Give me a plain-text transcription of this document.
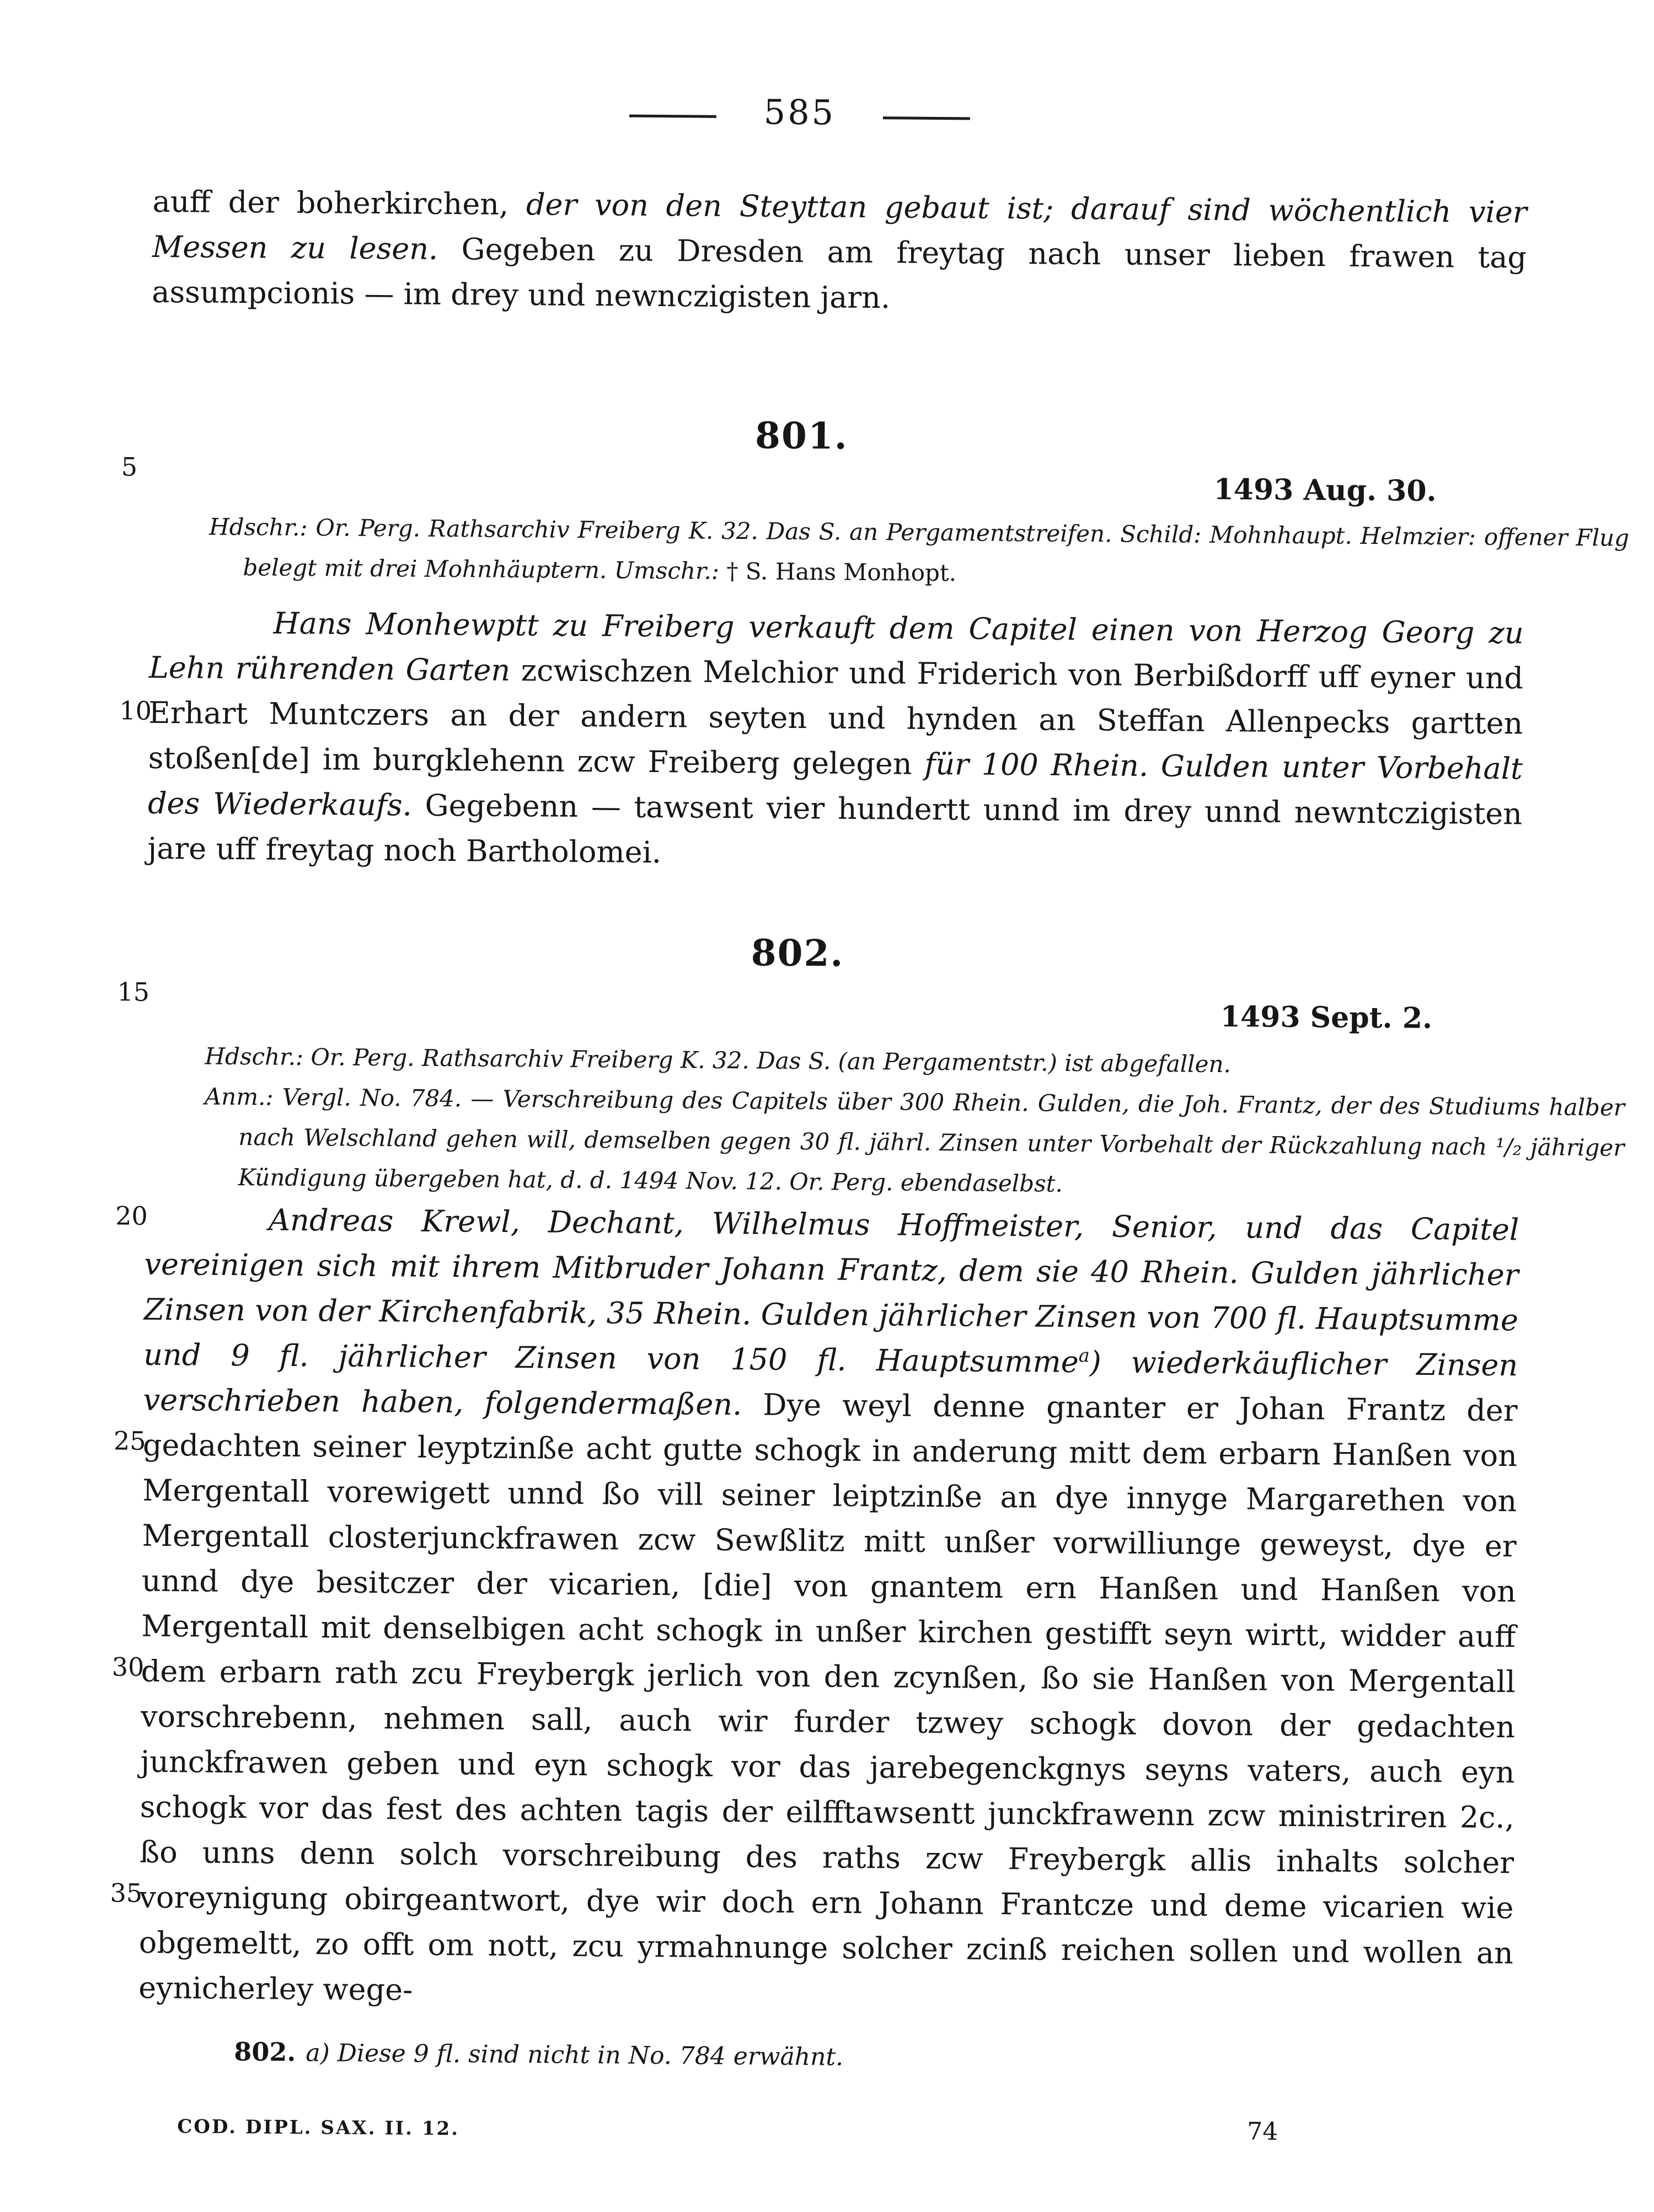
585
auff der boherkirchen, der von den Steyttan gebaut ist; darauf sind wöchentlich vier Messen zu lesen. Gegeben zu Dresden am freytag nach unser lieben frawen tag assumpcionis — im drey und newnczigisten jarn.
801.
5
1493 Aug. 30.

Hdschr.: Or. Perg. Rathsarchiv Freiberg K. 32. Das S. an Pergamentstreifen. Schild: Mohnhaupt. Helmzier: offener Flug belegt mit drei Mohnhäuptern. Umschr.: † S. Hans Monhopt.

Hans Monhewptt zu Freiberg verkauft dem Capitel einen von Herzog Georg zu Lehn rührenden Garten zcwischzen Melchior und Friderich von Berbißdorff uff eyner und Erhart Muntczers an der andern seyten und hynden an Steffan Allenpecks gartten stoßen[de] im burgklehenn zcw Freiberg gelegen für 100 Rhein. Gulden unter Vorbehalt des Wiederkaufs. Gegebenn — tawsent vier hundertt unnd im drey unnd newntczigisten jare uff freytag noch Bartholomei.
10
802.
15
1493 Sept. 2.

Hdschr.: Or. Perg. Rathsarchiv Freiberg K. 32. Das S. (an Pergamentstr.) ist abgefallen.

Anm.: Vergl. No. 784. — Verschreibung des Capitels über 300 Rhein. Gulden, die Joh. Frantz, der des Studiums halber nach Welschland gehen will, demselben gegen 30 fl. jährl. Zinsen unter Vorbehalt der Rückzahlung nach ¹/₂ jähriger Kündigung übergeben hat, d. d. 1494 Nov. 12. Or. Perg. ebendaselbst.

20	Andreas Krewl, Dechant, Wilhelmus Hoffmeister, Senior, und das Capitel vereinigen sich mit ihrem Mitbruder Johann Frantz, dem sie 40 Rhein. Gulden jährlicher Zinsen von der Kirchenfabrik, 35 Rhein. Gulden jährlicher Zinsen von 700 fl. Hauptsumme und 9 fl. jährlicher Zinsen von 150 fl. Hauptsumme$^a$) wiederkäuflicher Zinsen verschrieben haben, folgendermaßen. Dye weyl denne gnanter er Johan Frantz der gedachten seiner leyptzinße acht gutte schogk in anderung mitt dem erbarn Hanßen von Mergentall vorewigett unnd ßo vill seiner leiptzinße an dye innyge Margarethen von Mergentall closterjunckfrawen zcw Sewßlitz mitt unßer vorwilliunge geweyst, dye er unnd dye besitczer der vicarien, [die] von gnantem ern Hanßen und Hanßen von Mergentall mit denselbigen acht schogk in unßer kirchen gestifft seyn wirtt, widder auff dem erbarn rath zcu Freybergk jerlich von den zcynßen, ßo sie Hanßen von Mergentall vorschrebenn, nehmen sall, auch wir furder tzwey schogk dovon der gedachten junckfrawen geben und eyn schogk vor das jarebegenckgnys seyns vaters, auch eyn schogk vor das fest des achten tagis der eilfftawsentt junckfrawenn zcw ministriren 2c., ßo unns denn solch vorschreibung des raths zcw Freybergk allis inhalts solcher voreynigung obirgeantwort, dye wir doch ern Johann Frantcze und deme vicarien wie obgemeltt, zo offt om nott, zcu yrmahnunge solcher zcinß reichen sollen und wollen an eynicherley wege-
25
30
35
802. a) Diese 9 fl. sind nicht in No. 784 erwähnt.
COD. DIPL. SAX. II. 12.	74
